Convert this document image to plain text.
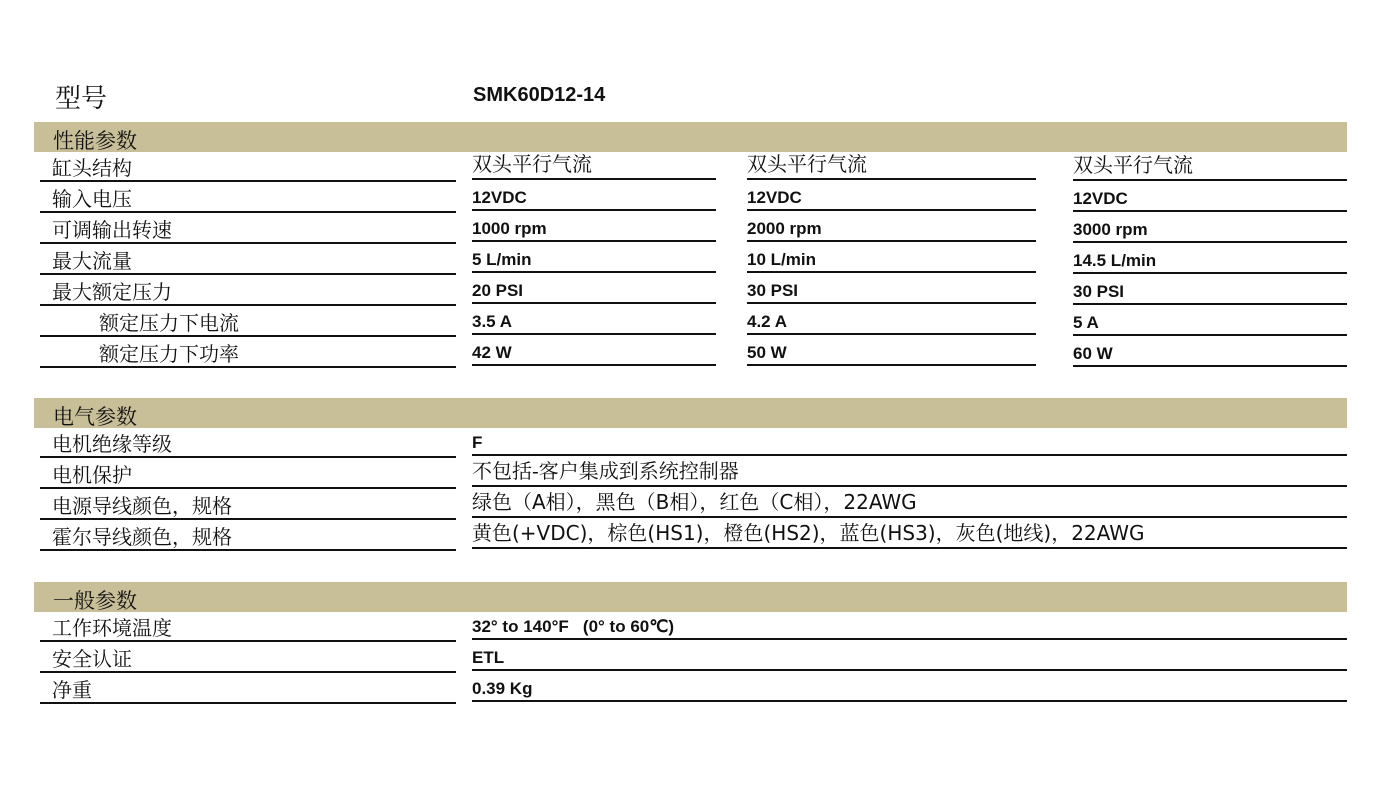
型号	SMK60D12-14
性能参数
缸头结构	双头平行气流	双头平行气流	双头平行气流
输入电压	12VDC	12VDC	12VDC
可调输出转速	1000 rpm	2000 rpm	3000 rpm
最大流量	5 L/min	10 L/min	14.5 L/min
最大额定压力	20 PSI	30 PSI	30 PSI
额定压力下电流	3.5 A	4.2 A	5 A
额定压力下功率	42 W	50 W	60 W
电气参数
电机绝缘等级	F
电机保护	不包括-客户集成到系统控制器
电源导线颜色，规格	绿色（A相），黑色（B相），红色（C相），22AWG
霍尔导线颜色，规格	黄色(+VDC)，棕色(HS1)，橙色(HS2)，蓝色(HS3)，灰色(地线)，22AWG
一般参数
工作环境温度	32° to 140°F   (0° to 60℃)
安全认证	ETL
净重	0.39 Kg
